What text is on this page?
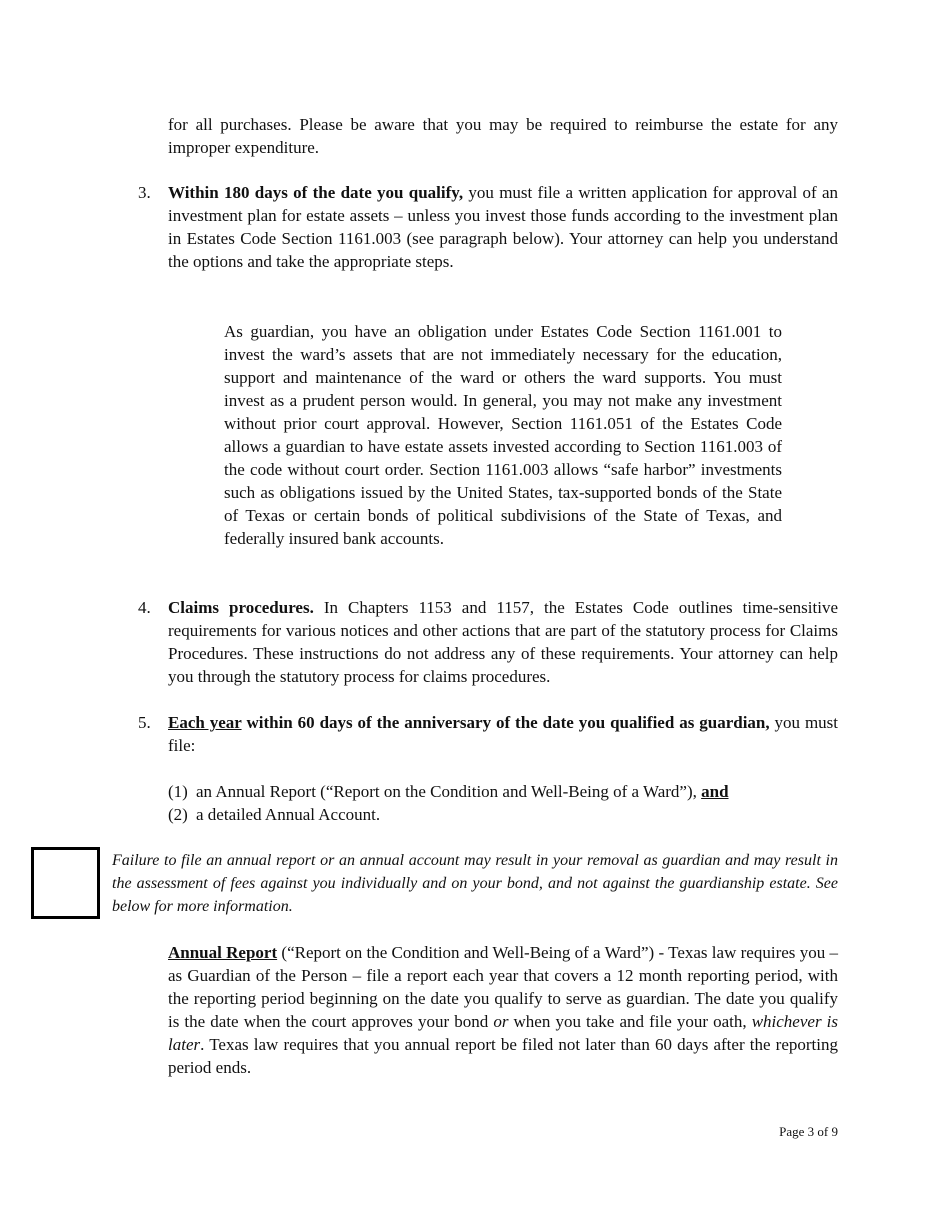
for all purchases. Please be aware that you may be required to reimburse the estate for any improper expenditure.
3. Within 180 days of the date you qualify, you must file a written application for approval of an investment plan for estate assets – unless you invest those funds according to the investment plan in Estates Code Section 1161.003 (see paragraph below). Your attorney can help you understand the options and take the appropriate steps.
As guardian, you have an obligation under Estates Code Section 1161.001 to invest the ward’s assets that are not immediately necessary for the education, support and maintenance of the ward or others the ward supports. You must invest as a prudent person would. In general, you may not make any investment without prior court approval. However, Section 1161.051 of the Estates Code allows a guardian to have estate assets invested according to Section 1161.003 of the code without court order. Section 1161.003 allows “safe harbor” investments such as obligations issued by the United States, tax-supported bonds of the State of Texas or certain bonds of political subdivisions of the State of Texas, and federally insured bank accounts.
4. Claims procedures. In Chapters 1153 and 1157, the Estates Code outlines time-sensitive requirements for various notices and other actions that are part of the statutory process for Claims Procedures. These instructions do not address any of these requirements. Your attorney can help you through the statutory process for claims procedures.
5. Each year within 60 days of the anniversary of the date you qualified as guardian, you must file:
(1) an Annual Report (“Report on the Condition and Well-Being of a Ward”), and
(2) a detailed Annual Account.
Failure to file an annual report or an annual account may result in your removal as guardian and may result in the assessment of fees against you individually and on your bond, and not against the guardianship estate. See below for more information.
Annual Report (“Report on the Condition and Well-Being of a Ward”) - Texas law requires you – as Guardian of the Person – file a report each year that covers a 12 month reporting period, with the reporting period beginning on the date you qualify to serve as guardian. The date you qualify is the date when the court approves your bond or when you take and file your oath, whichever is later. Texas law requires that you annual report be filed not later than 60 days after the reporting period ends.
Page 3 of 9
